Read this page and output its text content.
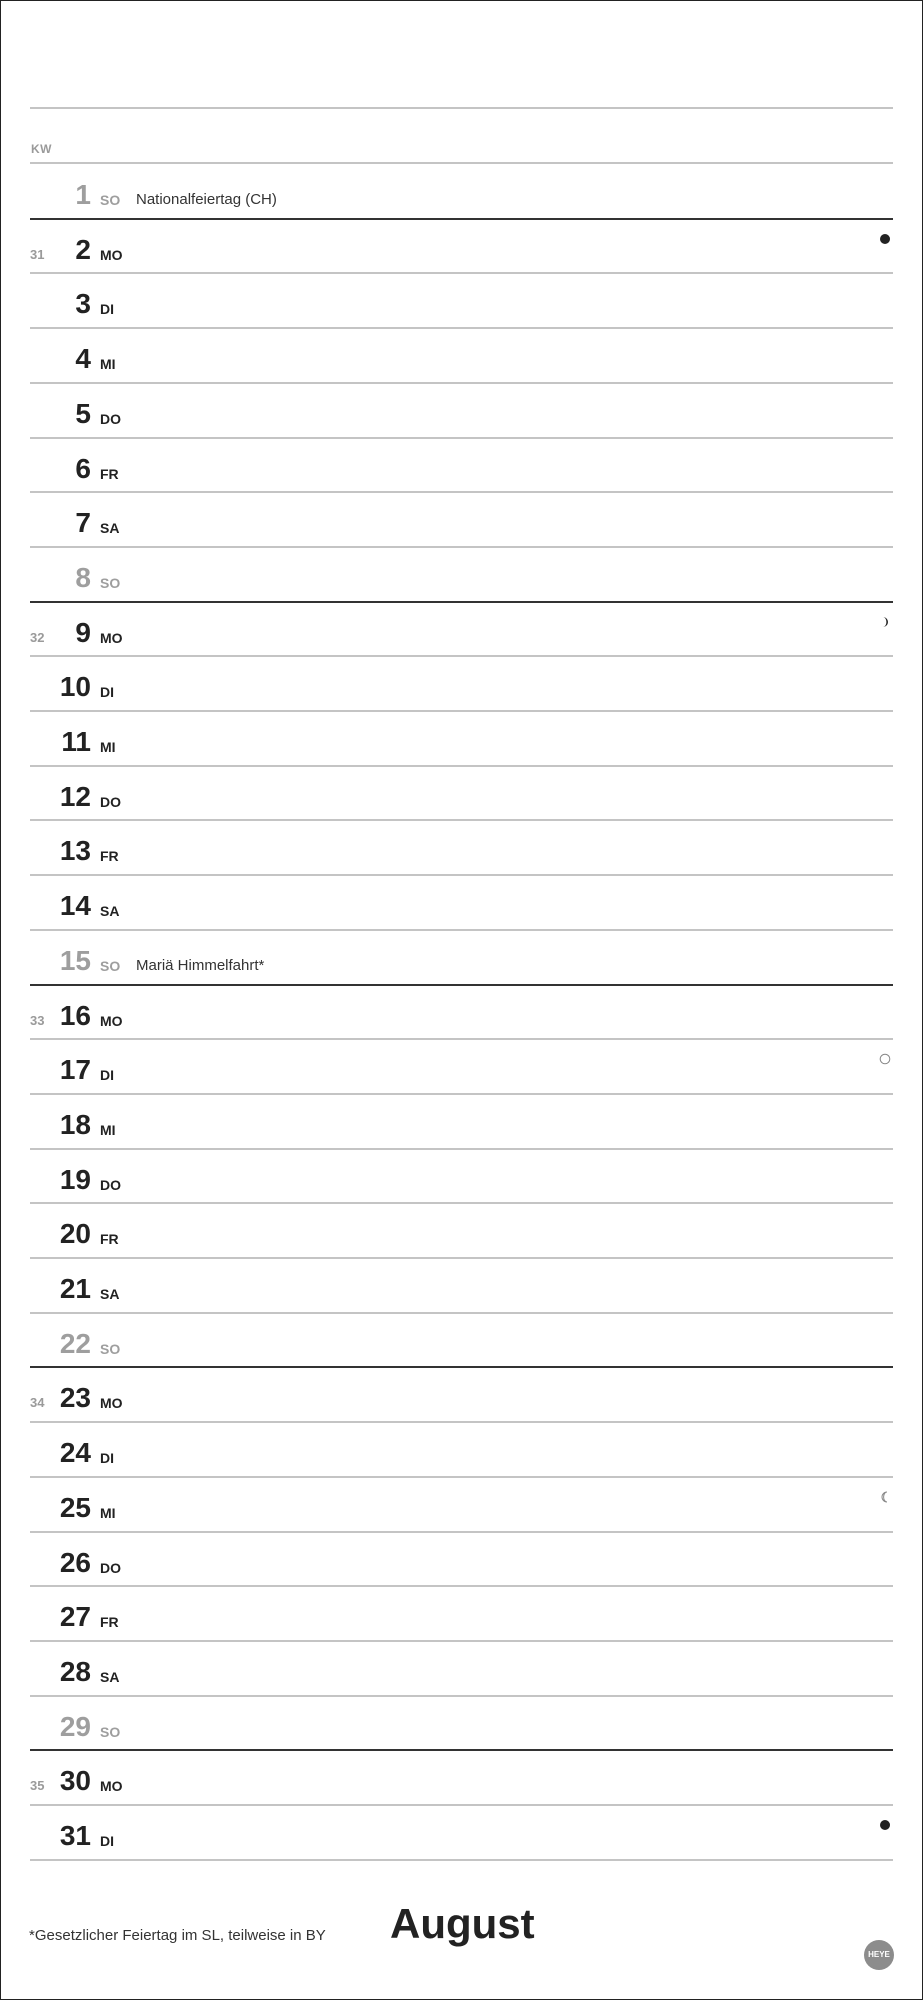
KW
1 SO Nationalfeiertag (CH)
31 2 MO
3 DI
4 MI
5 DO
6 FR
7 SA
8 SO
32 9 MO
10 DI
11 MI
12 DO
13 FR
14 SA
15 SO Mariä Himmelfahrt*
33 16 MO
17 DI
18 MI
19 DO
20 FR
21 SA
22 SO
34 23 MO
24 DI
25 MI
26 DO
27 FR
28 SA
29 SO
35 30 MO
31 DI
*Gesetzlicher Feiertag im SL, teilweise in BY August
HEYE
